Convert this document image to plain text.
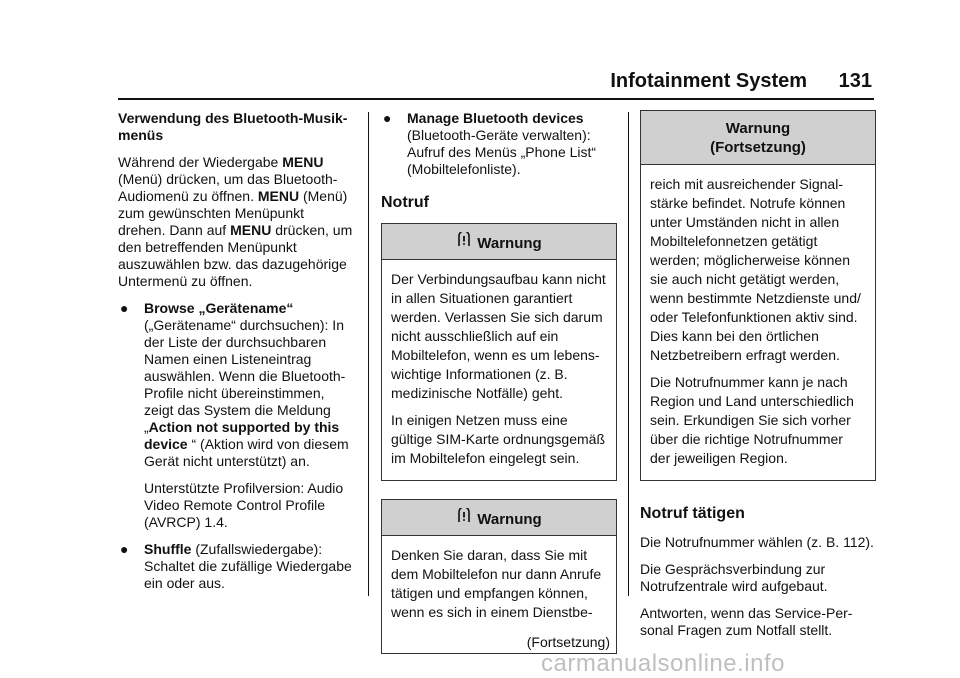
Infotainment System 131
Verwendung des Bluetooth-Musikmenüs

Während der Wiedergabe MENU (Menü) drücken, um das Bluetooth-Audiomenü zu öffnen. MENU (Menü) zum gewünschten Menüpunkt drehen. Dann auf MENU drücken, um den betreffenden Menüpunkt auszuwählen bzw. das dazugehörige Untermenü zu öffnen.

● Browse „Gerätename“ („Gerätename“ durchsuchen): In der Liste der durchsuchbaren Namen einen Listeneintrag auswählen. Wenn die Bluetooth-Profile nicht übereinstimmen, zeigt das System die Meldung „Action not supported by this device “ (Aktion wird von diesem Gerät nicht unterstützt) an.
Unterstützte Profilversion: Audio Video Remote Control Profile (AVRCP) 1.4.
● Shuffle (Zufallswiedergabe): Schaltet die zufällige Wiedergabe ein oder aus.
● Manage Bluetooth devices (Bluetooth-Geräte verwalten): Aufruf des Menüs „Phone List“ (Mobiltelefonliste).
Notruf
Warnung

Der Verbindungsaufbau kann nicht in allen Situationen garantiert werden. Verlassen Sie sich darum nicht ausschließlich auf ein Mobiltelefon, wenn es um lebenswichtige Informationen (z. B. medizinische Notfälle) geht.

In einigen Netzen muss eine gültige SIM-Karte ordnungsgemäß im Mobiltelefon eingelegt sein.

Warnung

Denken Sie daran, dass Sie mit dem Mobiltelefon nur dann Anrufe tätigen und empfangen können, wenn es sich in einem Dienstbe-

(Fortsetzung)
Warnung
(Fortsetzung)

reich mit ausreichender Signalstärke befindet. Notrufe können unter Umständen nicht in allen Mobiltelefonnetzen getätigt werden; möglicherweise können sie auch nicht getätigt werden, wenn bestimmte Netzdienste und/ oder Telefonfunktionen aktiv sind. Dies kann bei den örtlichen Netzbetreibern erfragt werden.

Die Notrufnummer kann je nach Region und Land unterschiedlich sein. Erkundigen Sie sich vorher über die richtige Notrufnummer der jeweiligen Region.

Notruf tätigen

Die Notrufnummer wählen (z. B. 112).

Die Gesprächsverbindung zur Notrufzentrale wird aufgebaut.

Antworten, wenn das Service-Personal Fragen zum Notfall stellt.

carmanualsonline.info
